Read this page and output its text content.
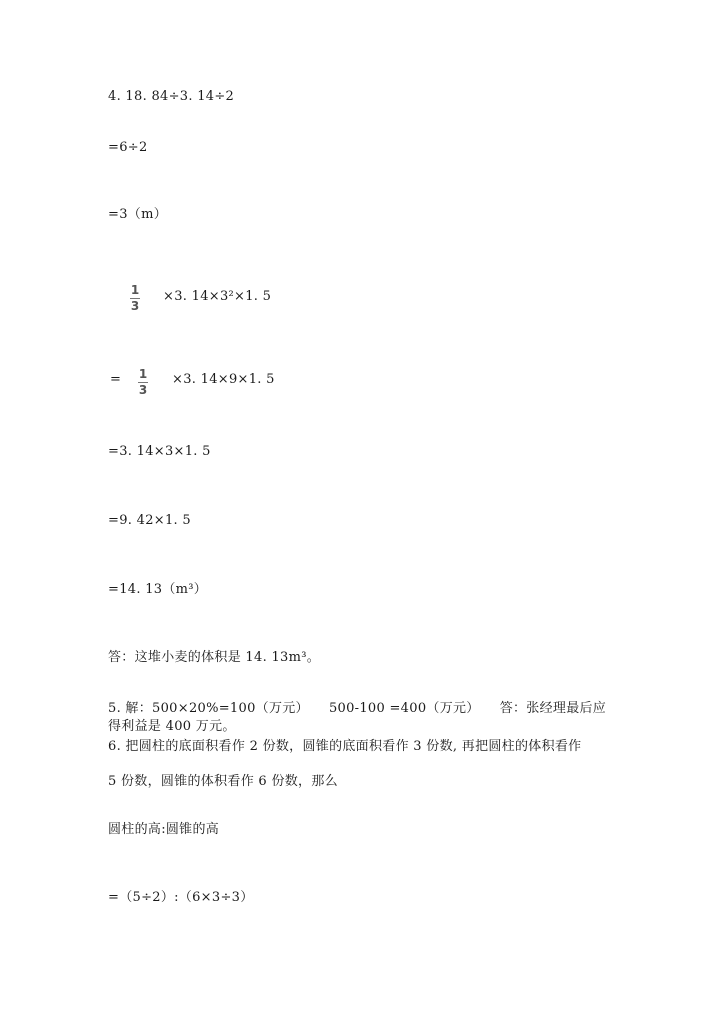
4. 18. 84÷3. 14÷2
=6÷2
=3（m）
1
3
×3. 14×3²×1. 5
= 1
3
×3. 14×9×1. 5
=3. 14×3×1. 5
=9. 42×1. 5
=14. 13（m³）
答：这堆小麦的体积是 14. 13m³。
5. 解：500×20%=100（万元）　　500-100 =400（万元）　　答：张经理最后应
得利益是 400 万元。
6. 把圆柱的底面积看作 2 份数，圆锥的底面积看作 3 份数, 再把圆柱的体积看作
5 份数，圆锥的体积看作 6 份数，那么
圆柱的高:圆锥的高
=（5÷2）:（6×3÷3）
